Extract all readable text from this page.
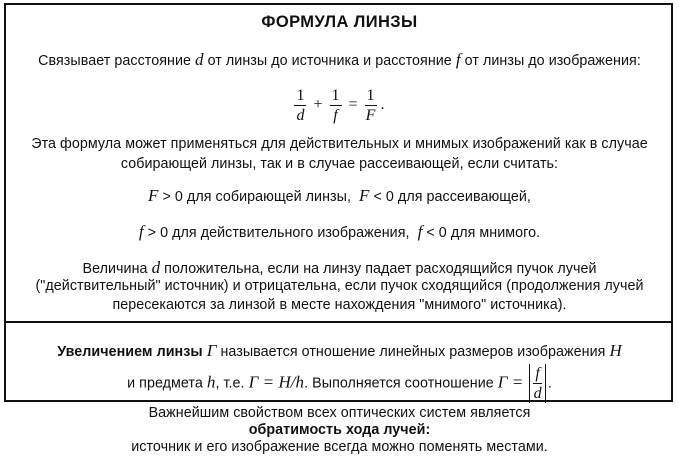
ФОРМУЛА ЛИНЗЫ
Связывает расстояние d от линзы до источника и расстояние f от линзы до изображения:
$\frac{1}{d} + \frac{1}{f} = \frac{1}{F}$ .
Эта формула может применяться для действительных и мнимых изображений как в случае
собирающей линзы, так и в случае рассеивающей, если считать:
F > 0 для собирающей линзы, F < 0 для рассеивающей,
f > 0 для действительного изображения, f < 0 для мнимого.
Величина d положительна, если на линзу падает расходящийся пучок лучей
("действительный" источник) и отрицательна, если пучок сходящийся (продолжения лучей
пересекаются за линзой в месте нахождения "мнимого" источника).
Увеличением линзы Γ называется отношение линейных размеров изображения H
и предмета h, т.е. Γ = H/h. Выполняется соотношение $\Gamma = \frac{f}{d}$ .
Важнейшим свойством всех оптических систем является
обратимость хода лучей:
источник и его изображение всегда можно поменять местами.
